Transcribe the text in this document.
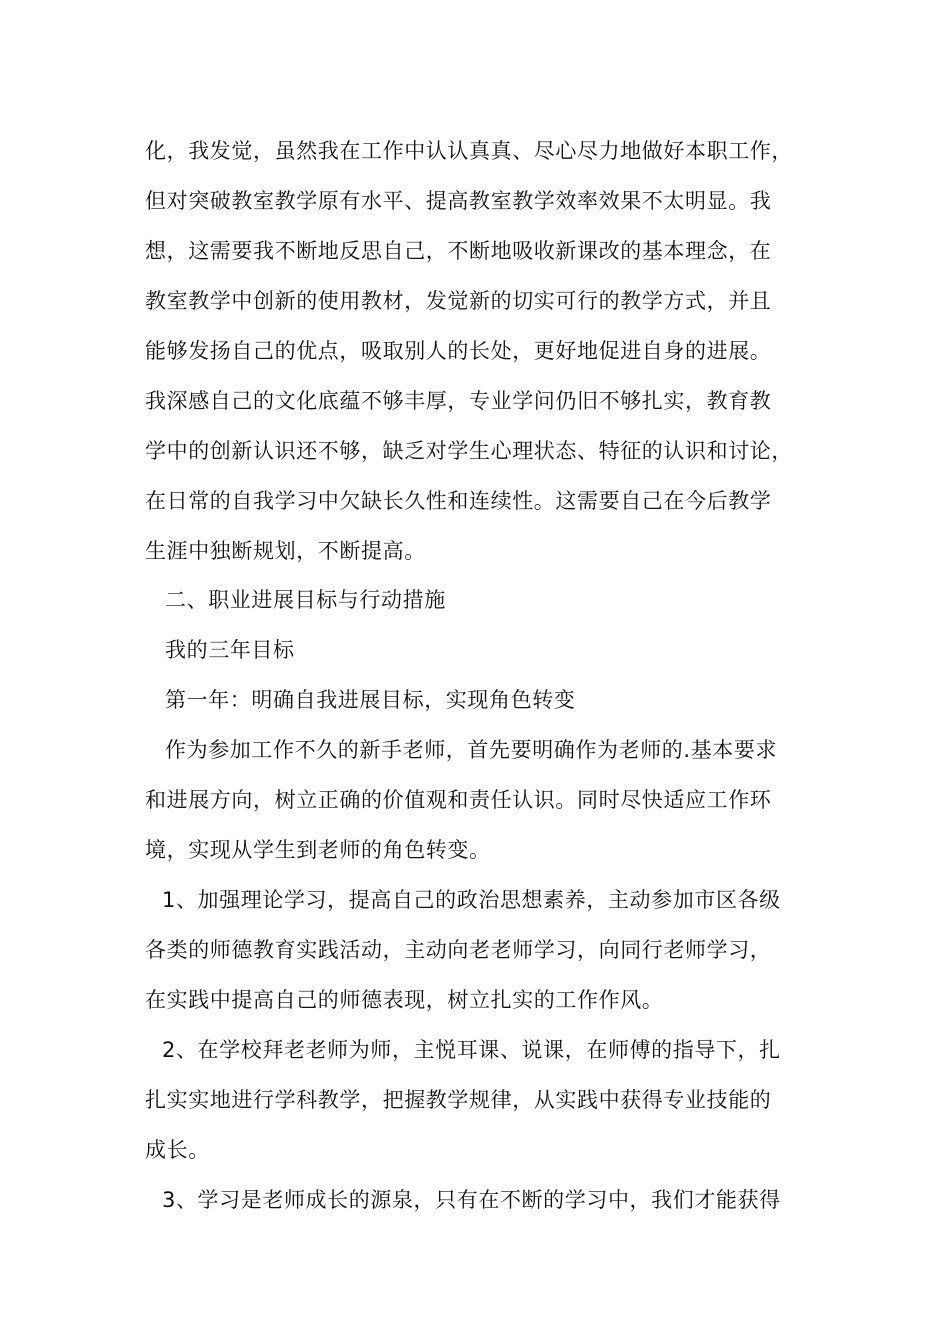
化，我发觉，虽然我在工作中认认真真、尽心尽力地做好本职工作，
但对突破教室教学原有水平、提高教室教学效率效果不太明显。我
想，这需要我不断地反思自己，不断地吸收新课改的基本理念，在
教室教学中创新的使用教材，发觉新的切实可行的教学方式，并且
能够发扬自己的优点，吸取别人的长处，更好地促进自身的进展。
我深感自己的文化底蕴不够丰厚，专业学问仍旧不够扎实，教育教
学中的创新认识还不够，缺乏对学生心理状态、特征的认识和讨论，
在日常的自我学习中欠缺长久性和连续性。这需要自己在今后教学
生涯中独断规划，不断提高。
二、职业进展目标与行动措施
我的三年目标
第一年：明确自我进展目标，实现角色转变
作为参加工作不久的新手老师，首先要明确作为老师的.基本要求
和进展方向，树立正确的价值观和责任认识。同时尽快适应工作环
境，实现从学生到老师的角色转变。
1、加强理论学习，提高自己的政治思想素养，主动参加市区各级
各类的师德教育实践活动，主动向老老师学习，向同行老师学习，
在实践中提高自己的师德表现，树立扎实的工作作风。
2、在学校拜老老师为师，主悦耳课、说课，在师傅的指导下，扎
扎实实地进行学科教学，把握教学规律，从实践中获得专业技能的
成长。
3、学习是老师成长的源泉，只有在不断的学习中，我们才能获得
